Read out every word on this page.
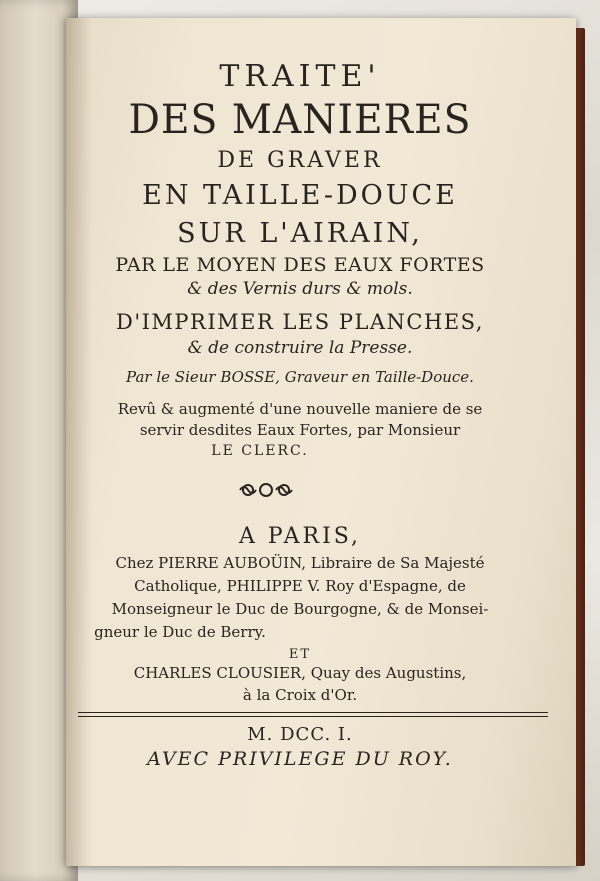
TRAITE'
DES MANIERES
DE GRAVER
EN TAILLE-DOUCE
SUR L'AIRAIN,
PAR LE MOYEN DES EAUX FORTES
& des Vernis durs & mols.
D'IMPRIMER LES PLANCHES,
& de construire la Presse.
Par le Sieur BOSSE, Graveur en Taille-Douce.
Revû & augmenté d'une nouvelle maniere de se
servir desdites Eaux Fortes, par Monsieur
LE CLERC.
A PARIS,
Chez PIERRE AUBOÜIN, Libraire de Sa Majesté
Catholique, PHILIPPE V. Roy d'Espagne, de
Monseigneur le Duc de Bourgogne, & de Monsei-
gneur le Duc de Berry.
ET
CHARLES CLOUSIER, Quay des Augustins,
à la Croix d'Or.
M. DCC. I.
AVEC PRIVILEGE DU ROY.
